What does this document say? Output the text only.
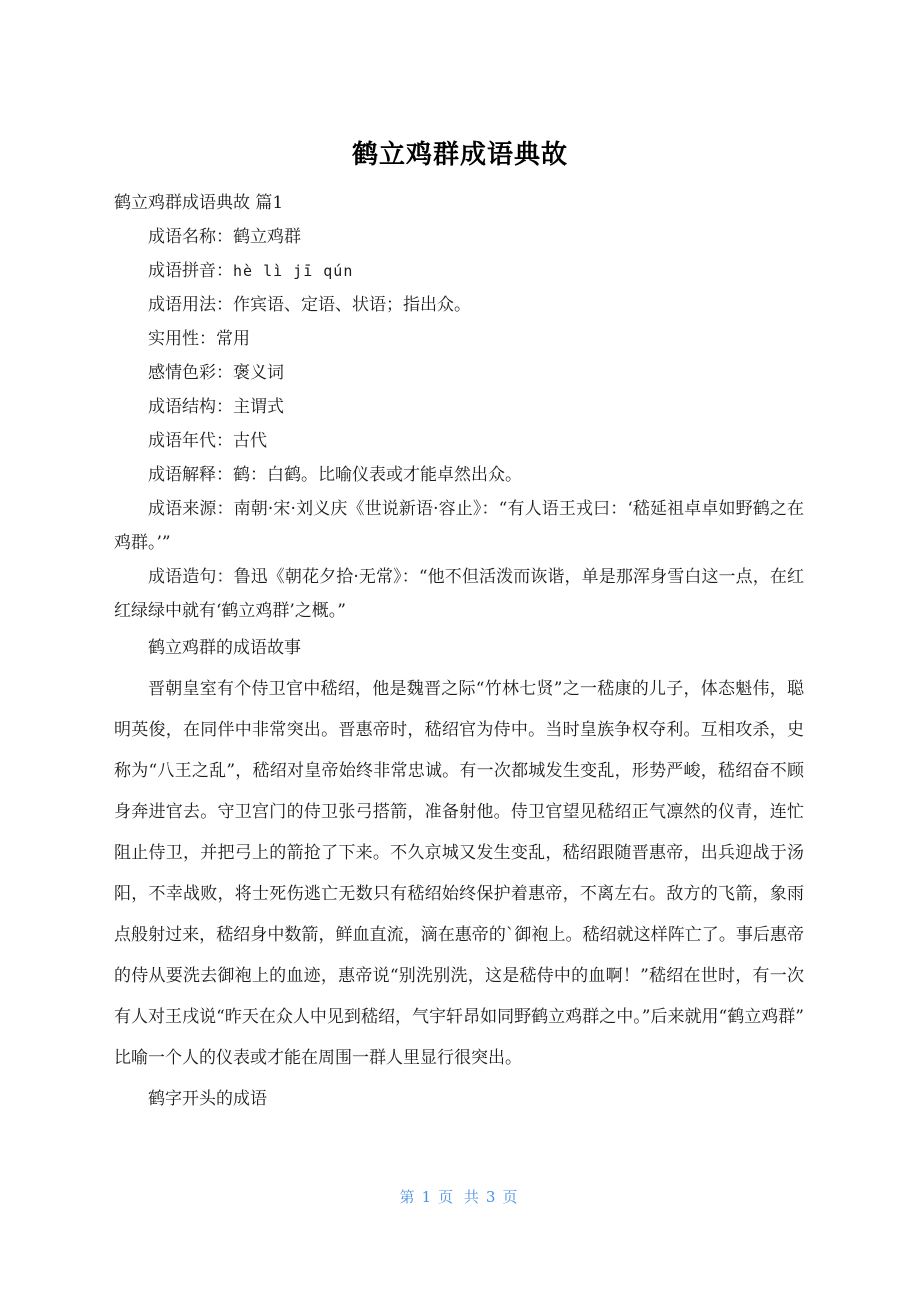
鹤立鸡群成语典故

鹤立鸡群成语典故 篇1

成语名称：鹤立鸡群

成语拼音：hè lì jī qún

成语用法：作宾语、定语、状语；指出众。

实用性：常用

感情色彩：褒义词

成语结构：主谓式

成语年代：古代

成语解释：鹤：白鹤。比喻仪表或才能卓然出众。

成语来源：南朝·宋·刘义庆《世说新语·容止》：“有人语王戎曰：‘嵇延祖卓卓如野鹤之在鸡群。’”

成语造句：鲁迅《朝花夕拾·无常》：“他不但活泼而诙谐，单是那浑身雪白这一点，在红红绿绿中就有‘鹤立鸡群’之概。”

鹤立鸡群的成语故事

晋朝皇室有个侍卫官中嵇绍，他是魏晋之际“竹林七贤”之一嵇康的儿子，体态魁伟，聪明英俊，在同伴中非常突出。晋惠帝时，嵇绍官为侍中。当时皇族争权夺利。互相攻杀，史称为“八王之乱”，嵇绍对皇帝始终非常忠诚。有一次都城发生变乱，形势严峻，嵇绍奋不顾身奔进官去。守卫宫门的侍卫张弓搭箭，准备射他。侍卫官望见嵇绍正气凛然的仪青，连忙阻止侍卫，并把弓上的箭抢了下来。不久京城又发生变乱，嵇绍跟随晋惠帝，出兵迎战于汤阳，不幸战败，将士死伤逃亡无数只有嵇绍始终保护着惠帝，不离左右。敌方的飞箭，象雨点般射过来，嵇绍身中数箭，鲜血直流，滴在惠帝的`御袍上。嵇绍就这样阵亡了。事后惠帝的侍从要洗去御袍上的血迹，惠帝说“别洗别洗，这是嵇侍中的血啊！”嵇绍在世时，有一次有人对王戌说“昨天在众人中见到嵇绍，气宇轩昂如同野鹤立鸡群之中。”后来就用“鹤立鸡群”比喻一个人的仪表或才能在周围一群人里显行很突出。

鹤字开头的成语

第 1 页 共 3 页
